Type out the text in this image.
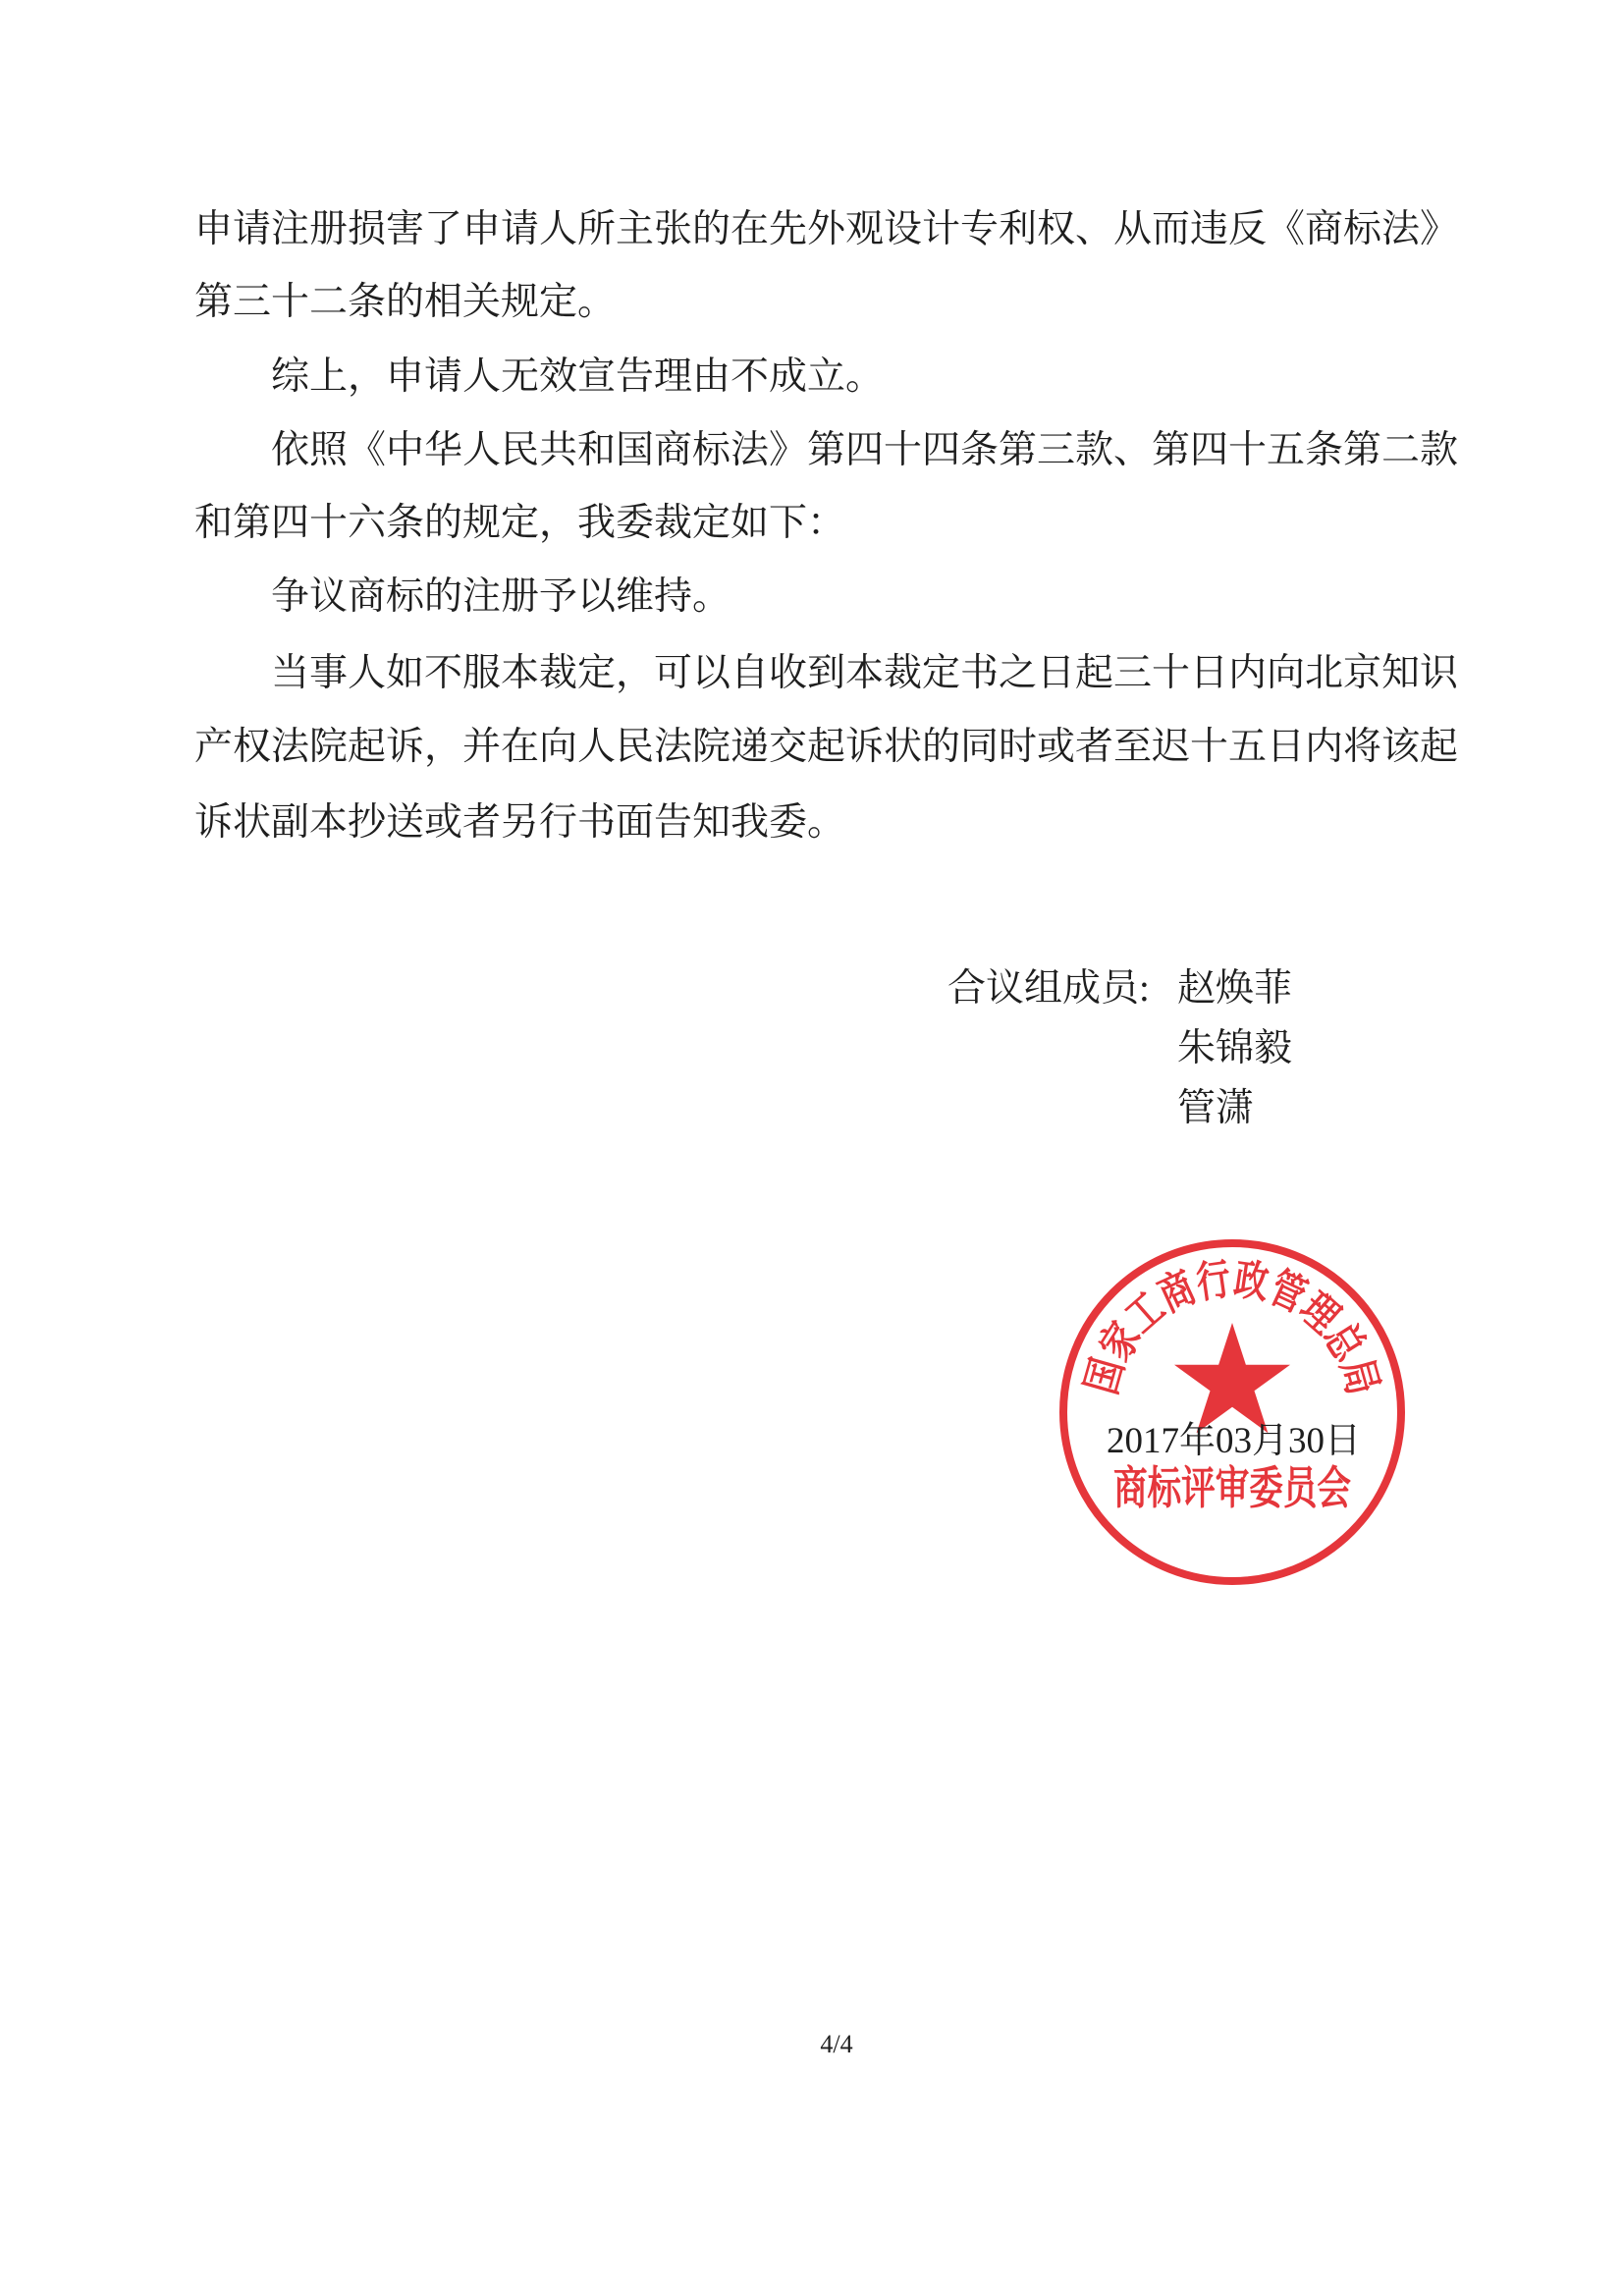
申请注册损害了申请人所主张的在先外观设计专利权、从而违反《商标法》
第三十二条的相关规定。
综上，申请人无效宣告理由不成立。
依照《中华人民共和国商标法》第四十四条第三款、第四十五条第二款
和第四十六条的规定，我委裁定如下：
争议商标的注册予以维持。
当事人如不服本裁定，可以自收到本裁定书之日起三十日内向北京知识
产权法院起诉，并在向人民法院递交起诉状的同时或者至迟十五日内将该起
诉状副本抄送或者另行书面告知我委。
合议组成员: 赵焕菲
朱锦毅
管潇
国家工商行政管理总局
商标评审委员会
2017年03月30日
4/4
